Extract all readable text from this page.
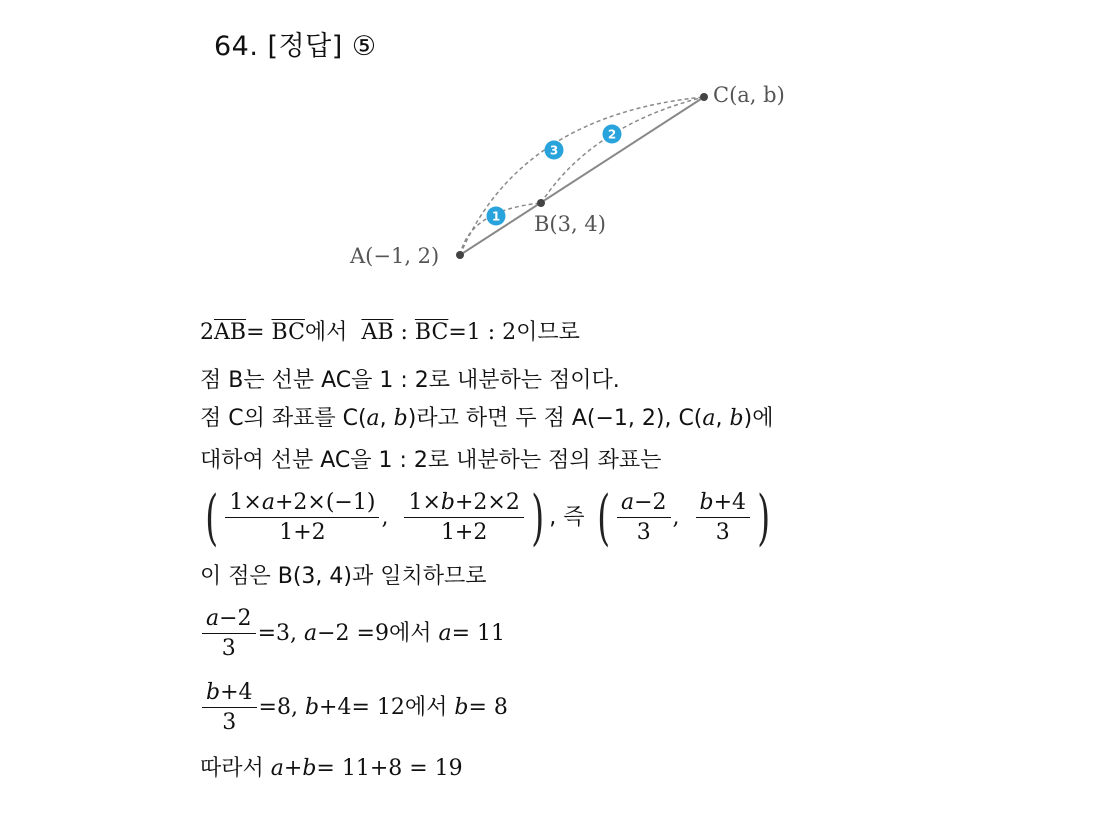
64. [정답] ⑤
A(−1, 2)
B(3, 4)
C(a, b)
1
2
3
$2\overline{AB}= \overline{BC}$에서 $\overline{AB}$ : $\overline{BC}=1$ : 2이므로
점 B는 선분 AC을 1 : 2로 내분하는 점이다.
점 C의 좌표를 C(a, b)라고 하면 두 점 A(−1, 2), C(a, b)에
대하여 선분 AC을 1 : 2로 내분하는 점의 좌표는
( $\frac{1\times a+2\times(-1)}{1+2}$ , $\frac{1\times b+2\times 2}{1+2}$ ) , 즉 ( $\frac{a-2}{3}$ , $\frac{b+4}{3}$ )
이 점은 B(3, 4)과 일치하므로
$\frac{a-2}{3} =3$, a−2 =9에서 a= 11
$\frac{b+4}{3} =8$, b+4= 12에서 b= 8
따라서 a+b= 11+8 = 19
